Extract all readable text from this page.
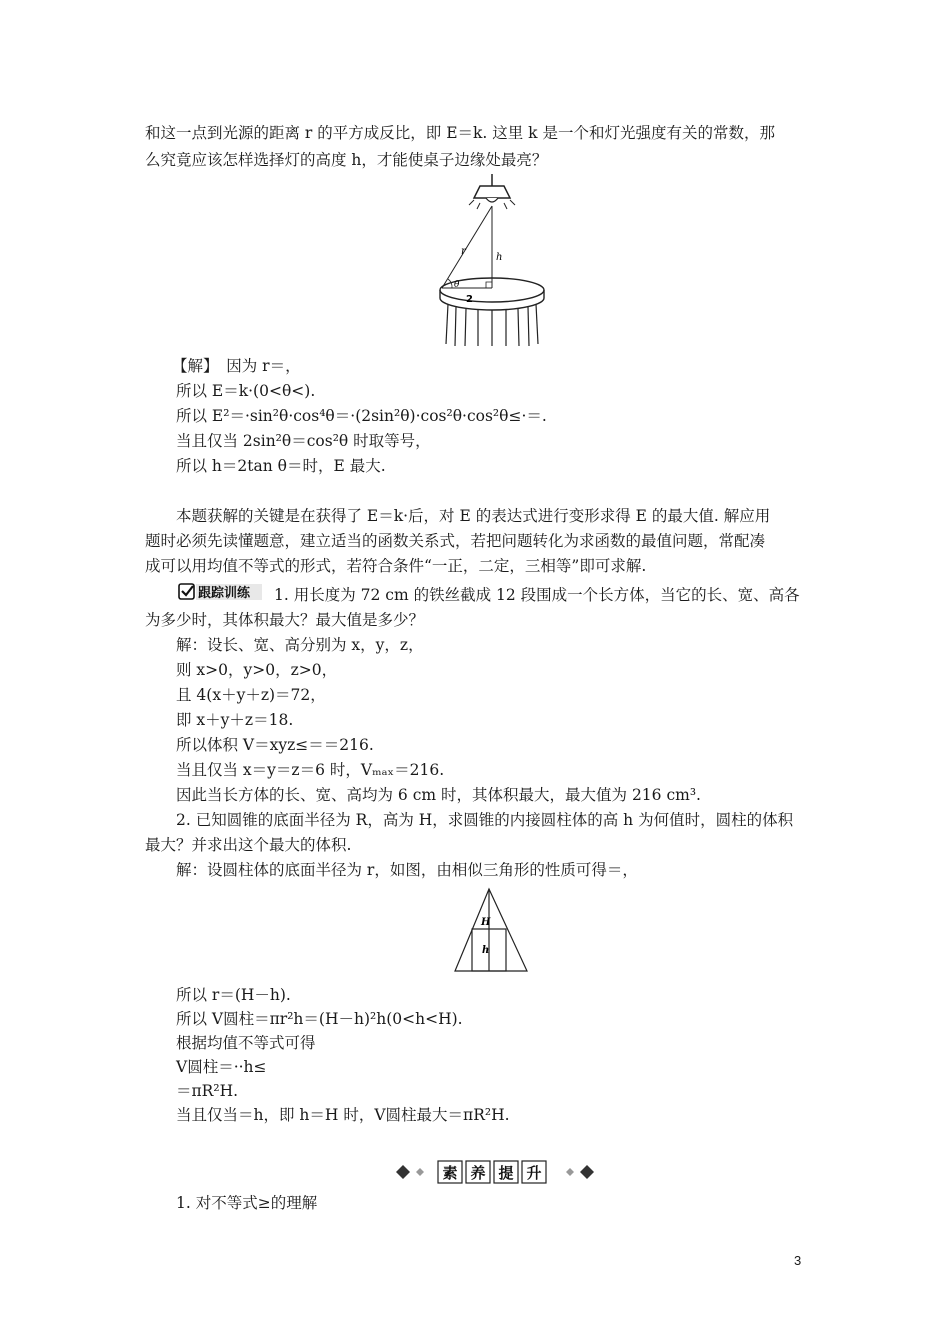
和这一点到光源的距离 r 的平方成反比，即 E＝k. 这里 k 是一个和灯光强度有关的常数，那
么究竟应该怎样选择灯的高度 h，才能使桌子边缘处最亮？
r
h
θ
2
【解】　因为 r＝，
所以 E＝k·(0<θ<).
所以 E²＝·sin²θ·cos⁴θ＝·(2sin²θ)·cos²θ·cos²θ≤·＝.
当且仅当 2sin²θ＝cos²θ 时取等号，
所以 h＝2tan θ＝时，E 最大.
本题获解的关键是在获得了 E＝k·后，对 E 的表达式进行变形求得 E 的最大值. 解应用
题时必须先读懂题意，建立适当的函数关系式，若把问题转化为求函数的最值问题，常配凑
成可以用均值不等式的形式，若符合条件“一正，二定，三相等”即可求解.
跟踪训练 1. 用长度为 72 cm 的铁丝截成 12 段围成一个长方体，当它的长、宽、高各
为多少时，其体积最大？最大值是多少？
解：设长、宽、高分别为 x，y，z，
则 x>0，y>0，z>0，
且 4(x＋y＋z)＝72，
即 x＋y＋z＝18.
所以体积 V＝xyz≤＝＝216.
当且仅当 x＝y＝z＝6 时，Vₘₐₓ＝216.
因此当长方体的长、宽、高均为 6 cm 时，其体积最大，最大值为 216 cm³.
2. 已知圆锥的底面半径为 R，高为 H，求圆锥的内接圆柱体的高 h 为何值时，圆柱的体积
最大？并求出这个最大的体积.
解：设圆柱体的底面半径为 r，如图，由相似三角形的性质可得＝，
H
h
所以 r＝(H－h).
所以 V圆柱＝πr²h＝(H－h)²h(0<h<H).
根据均值不等式可得
V圆柱＝··h≤
＝πR²H.
当且仅当＝h，即 h＝H 时，V圆柱最大＝πR²H.
素 养 提 升
1. 对不等式≥的理解
3
